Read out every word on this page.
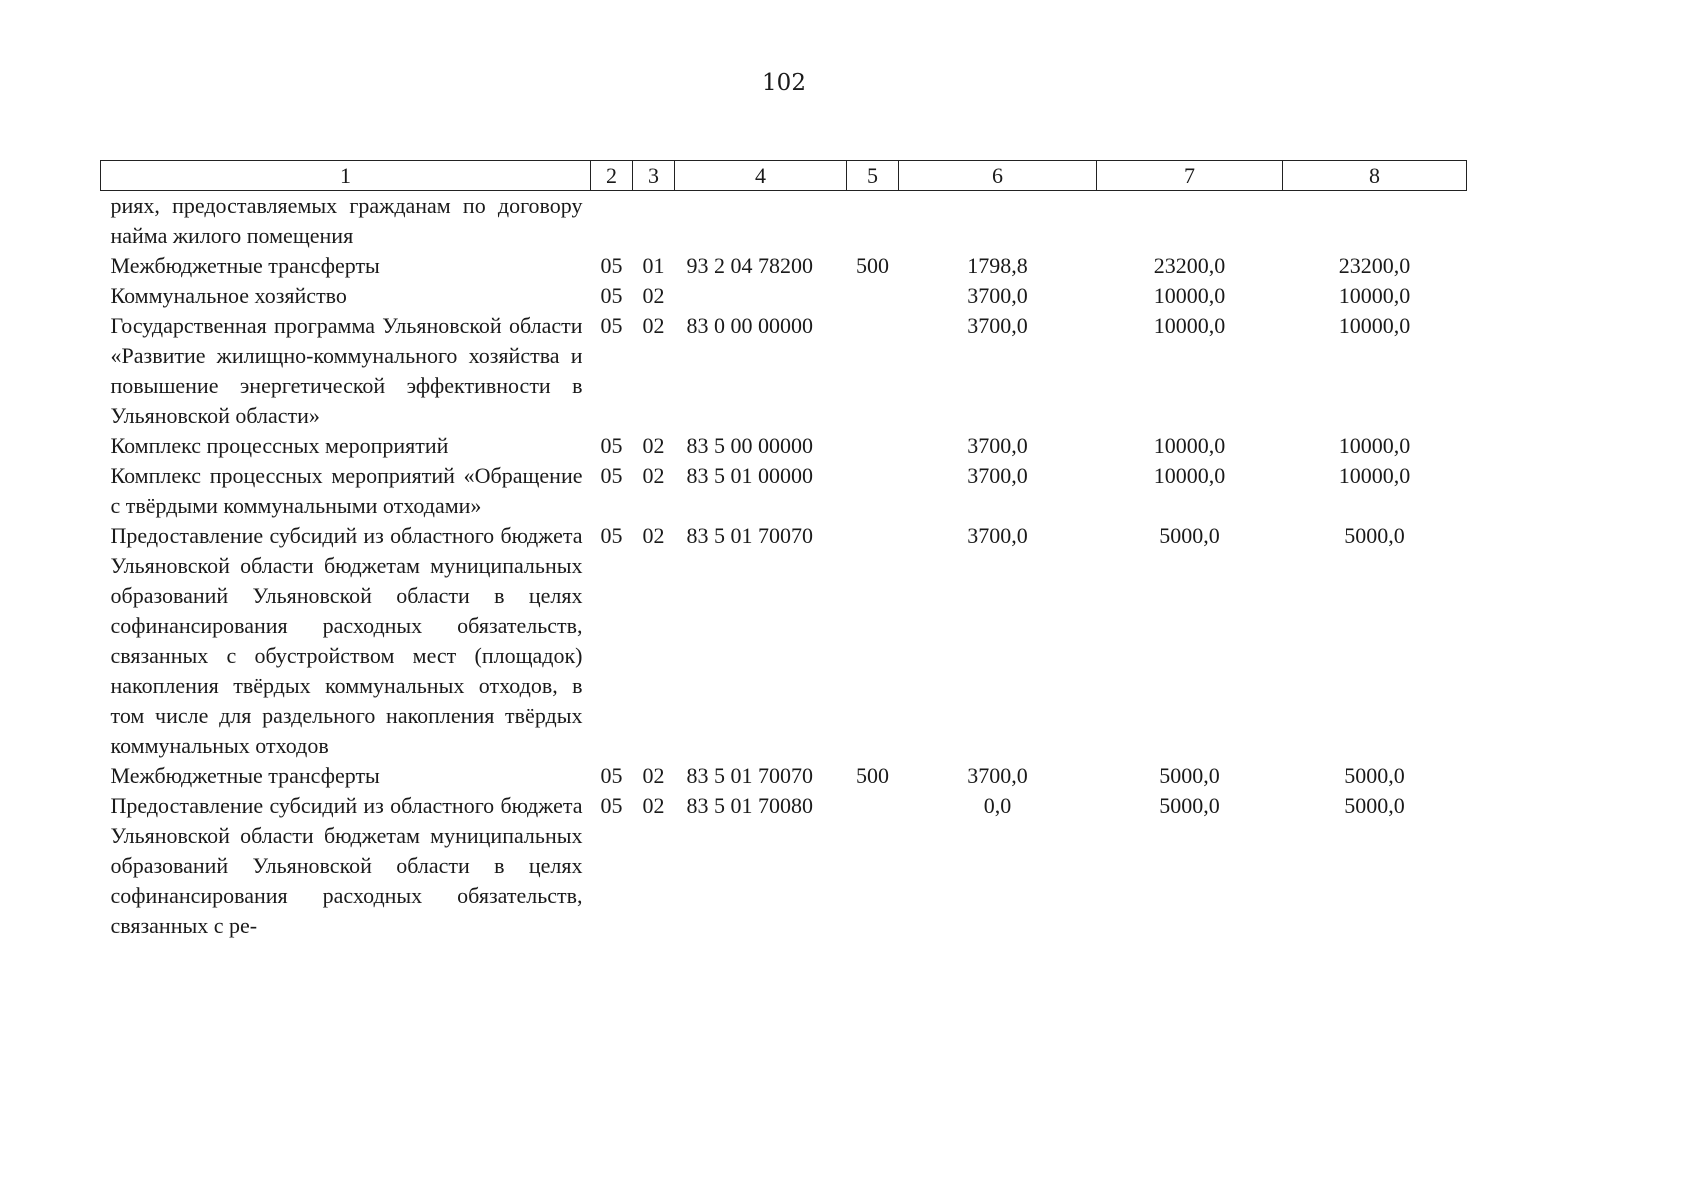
102
1	2	3	4	5	6	7	8
риях, предоставляемых гражданам по договору найма жилого помещения							
Межбюджетные трансферты	05	01	93 2 04 78200	500	1798,8	23200,0	23200,0
Коммунальное хозяйство	05	02			3700,0	10000,0	10000,0
Государственная программа Ульяновской области «Развитие жилищно-коммунального хозяйства и повышение энергетической эффективности в Ульяновской области»	05	02	83 0 00 00000		3700,0	10000,0	10000,0
Комплекс процессных мероприятий	05	02	83 5 00 00000		3700,0	10000,0	10000,0
Комплекс процессных мероприятий «Обращение с твёрдыми коммунальными отходами»	05	02	83 5 01 00000		3700,0	10000,0	10000,0
Предоставление субсидий из областного бюджета Ульяновской области бюджетам муниципальных образований Ульяновской области в целях софинансирования расходных обязательств, связанных с обустройством мест (площадок) накопления твёрдых коммунальных отходов, в том числе для раздельного накопления твёрдых коммунальных отходов	05	02	83 5 01 70070		3700,0	5000,0	5000,0
Межбюджетные трансферты	05	02	83 5 01 70070	500	3700,0	5000,0	5000,0
Предоставление субсидий из областного бюджета Ульяновской области бюджетам муниципальных образований Ульяновской области в целях софинансирования расходных обязательств, связанных с ре-	05	02	83 5 01 70080		0,0	5000,0	5000,0
